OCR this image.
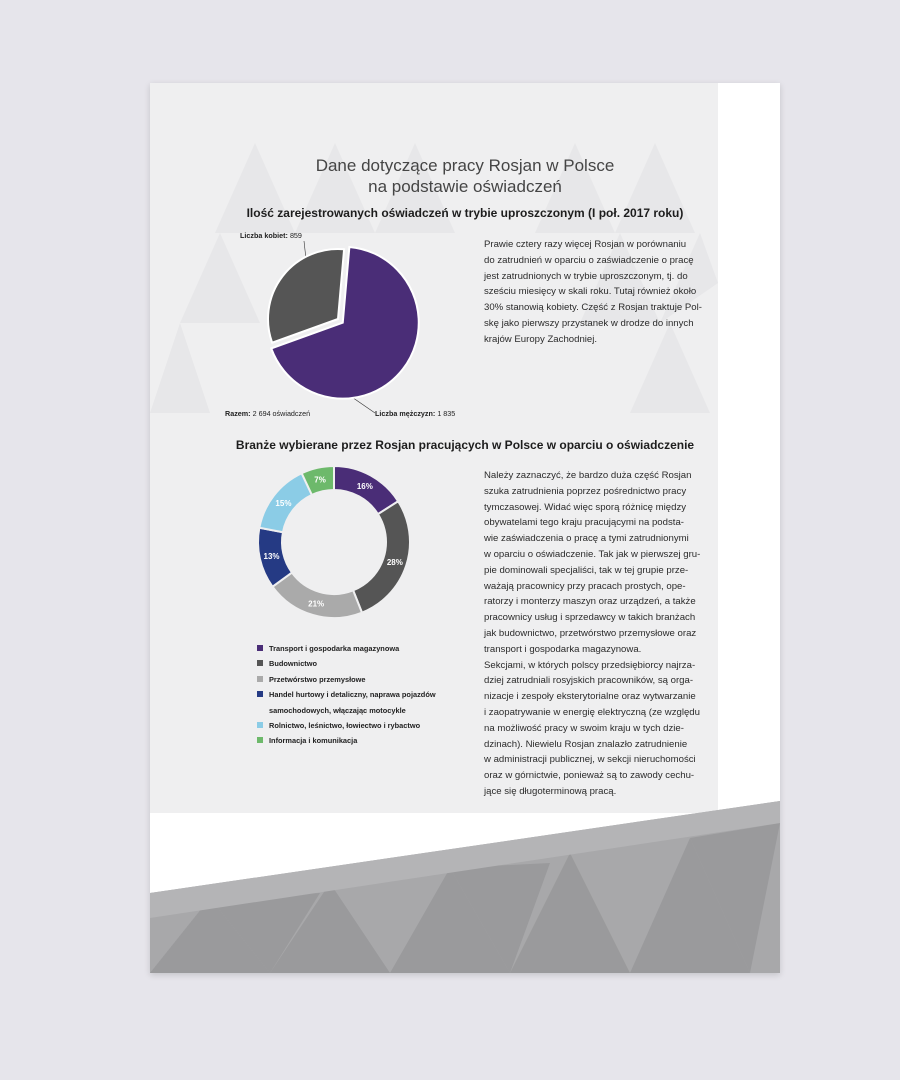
Dane dotyczące pracy Rosjan w Polsce
na podstawie oświadczeń
Ilość zarejestrowanych oświadczeń w trybie uproszczonym (I poł. 2017 roku)
Liczba kobiet: 859
Liczba mężczyzn: 1 835
Razem: 2 694 oświadczeń
Prawie cztery razy więcej Rosjan w porównaniu
do zatrudnień w oparciu o zaświadczenie o pracę
jest zatrudnionych w trybie uproszczonym, tj. do
sześciu miesięcy w skali roku. Tutaj również około
30% stanowią kobiety. Część z Rosjan traktuje Pol-
skę jako pierwszy przystanek w drodze do innych
krajów Europy Zachodniej.
Branże wybierane przez Rosjan pracujących w Polsce w oparciu o oświadczenie
16%
28%
21%
13%
15%
7%
Transport i gospodarka magazynowa
Budownictwo
Przetwórstwo przemysłowe
Handel hurtowy i detaliczny, naprawa pojazdów
samochodowych, włączając motocykle
Rolnictwo, leśnictwo, łowiectwo i rybactwo
Informacja i komunikacja
Należy zaznaczyć, że bardzo duża część Rosjan
szuka zatrudnienia poprzez pośrednictwo pracy
tymczasowej. Widać więc sporą różnicę między
obywatelami tego kraju pracującymi na podsta-
wie zaświadczenia o pracę a tymi zatrudnionymi
w oparciu o oświadczenie. Tak jak w pierwszej gru-
pie dominowali specjaliści, tak w tej grupie prze-
ważają pracownicy przy pracach prostych, ope-
ratorzy i monterzy maszyn oraz urządzeń, a także
pracownicy usług i sprzedawcy w takich branżach
jak budownictwo, przetwórstwo przemysłowe oraz
transport i gospodarka magazynowa.
Sekcjami, w których polscy przedsiębiorcy najrza-
dziej zatrudniali rosyjskich pracowników, są orga-
nizacje i zespoły eksterytorialne oraz wytwarzanie
i zaopatrywanie w energię elektryczną (ze względu
na możliwość pracy w swoim kraju w tych dzie-
dzinach). Niewielu Rosjan znalazło zatrudnienie
w administracji publicznej, w sekcji nieruchomości
oraz w górnictwie, ponieważ są to zawody cechu-
jące się długoterminową pracą.
